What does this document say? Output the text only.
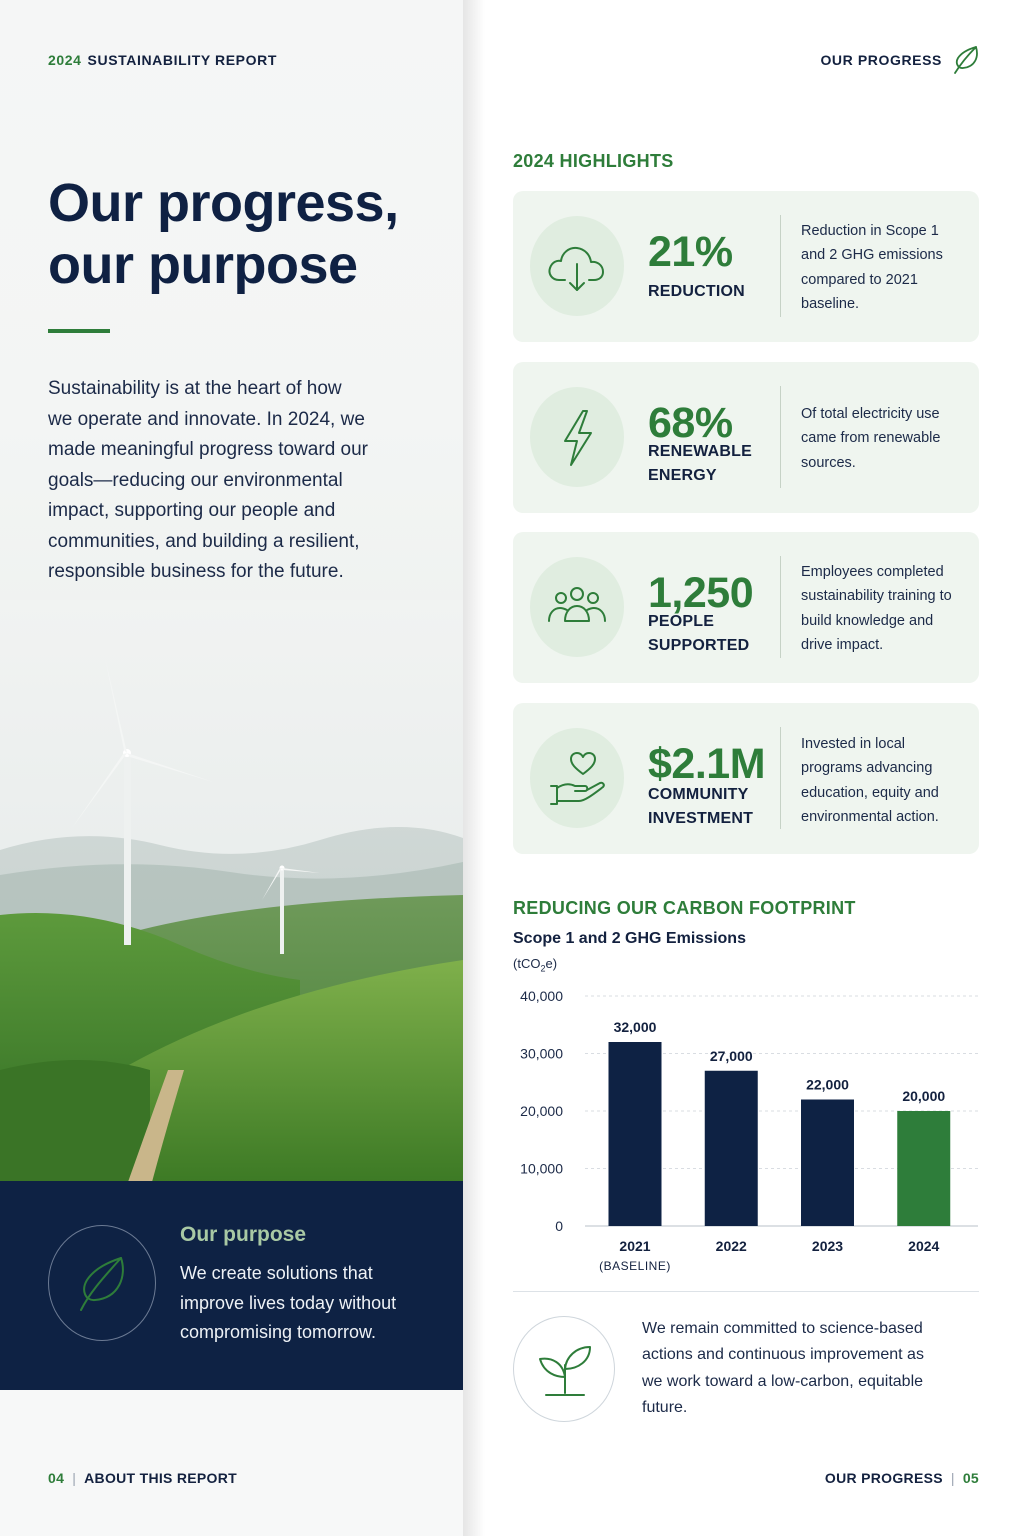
2024 SUSTAINABILITY REPORT
Our progress,
our purpose

Sustainability is at the heart of how we operate and innovate. In 2024, we made meaningful progress toward our goals—reducing our environmental impact, supporting our people and communities, and building a resilient, responsible business for the future.

Our purpose

We create solutions that improve lives today without compromising tomorrow.

04 | ABOUT THIS REPORT
OUR PROGRESS
2024 HIGHLIGHTS
21%
REDUCTION

Reduction in Scope 1 and 2 GHG emissions compared to 2021 baseline.

68%
RENEWABLE ENERGY

Of total electricity use came from renewable sources.

1,250
PEOPLE SUPPORTED

Employees completed sustainability training to build knowledge and drive impact.

$2.1M
COMMUNITY INVESTMENT

Invested in local programs advancing education, equity and environmental action.

REDUCING OUR CARBON FOOTPRINT
Scope 1 and 2 GHG Emissions
(tCO$_2$e)
0
10,000
20,000
30,000
40,000
32,000
2021
(BASELINE)
27,000
2022
22,000
2023
20,000
2024

We remain committed to science-based actions and continuous improvement as we work toward a low-carbon, equitable future.

OUR PROGRESS | 05
